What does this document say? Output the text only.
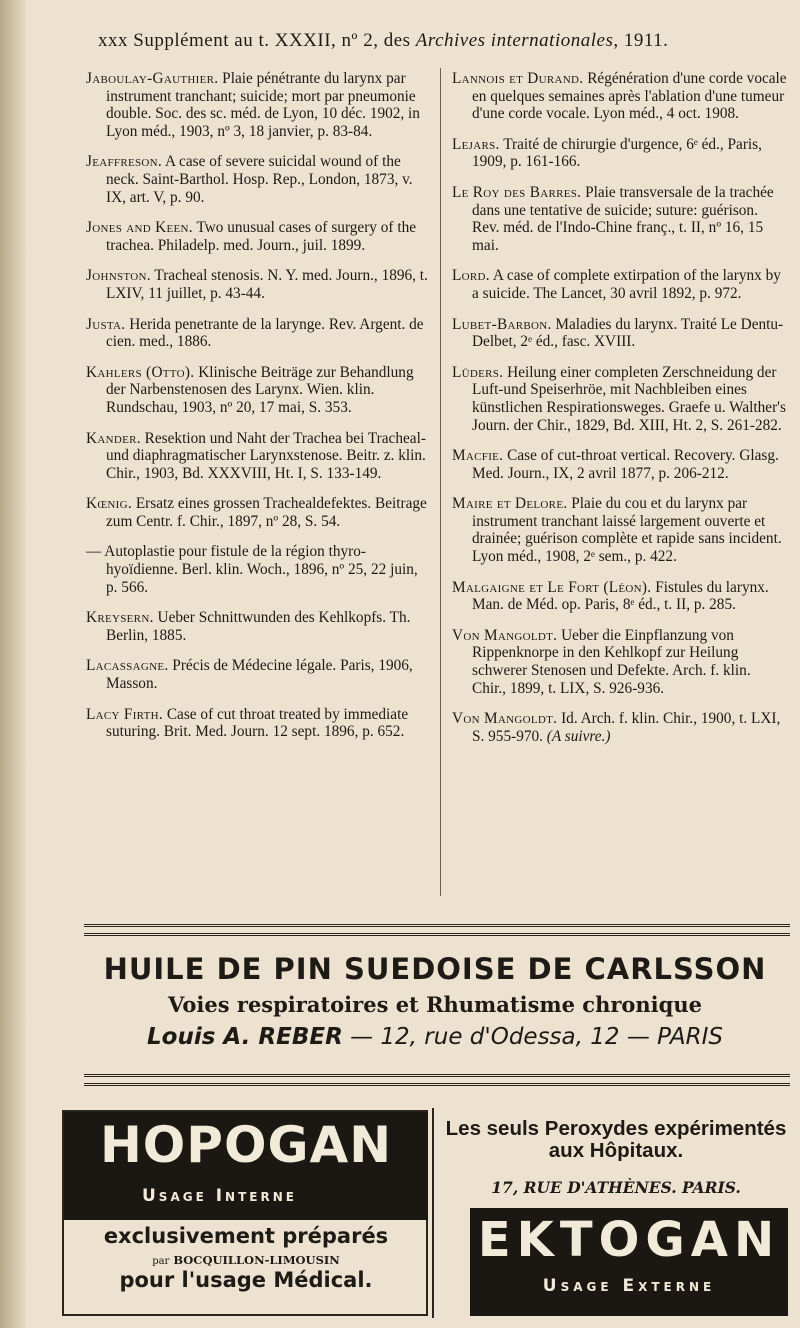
xxx Supplément au t. XXXII, nº 2, des Archives internationales, 1911.

Jaboulay-Gauthier. Plaie pénétrante du larynx par instrument tranchant; suicide; mort par pneumonie double. Soc. des sc. méd. de Lyon, 10 déc. 1902, in Lyon méd., 1903, nº 3, 18 janvier, p. 83-84.

Jeaffreson. A case of severe suicidal wound of the neck. Saint-Barthol. Hosp. Rep., London, 1873, v. IX, art. V, p. 90.

Jones and Keen. Two unusual cases of surgery of the trachea. Philadelp. med. Journ., juil. 1899.

Johnston. Tracheal stenosis. N. Y. med. Journ., 1896, t. LXIV, 11 juillet, p. 43-44.

Justa. Herida penetrante de la larynge. Rev. Argent. de cien. med., 1886.

Kahlers (Otto). Klinische Beiträge zur Behandlung der Narbenstenosen des Larynx. Wien. klin. Rundschau, 1903, nº 20, 17 mai, S. 353.

Kander. Resektion und Naht der Trachea bei Tracheal-und diaphragmatischer Larynxstenose. Beitr. z. klin. Chir., 1903, Bd. XXXVIII, Ht. I, S. 133-149.

Kœnig. Ersatz eines grossen Trachealdefektes. Beitrage zum Centr. f. Chir., 1897, nº 28, S. 54.

— Autoplastie pour fistule de la région thyro-hyoïdienne. Berl. klin. Woch., 1896, nº 25, 22 juin, p. 566.

Kreysern. Ueber Schnittwunden des Kehlkopfs. Th. Berlin, 1885.

Lacassagne. Précis de Médecine légale. Paris, 1906, Masson.

Lacy Firth. Case of cut throat treated by immediate suturing. Brit. Med. Journ. 12 sept. 1896, p. 652.

Lannois et Durand. Régénération d'une corde vocale en quelques semaines après l'ablation d'une tumeur d'une corde vocale. Lyon méd., 4 oct. 1908.

Lejars. Traité de chirurgie d'urgence, 6ᵉ éd., Paris, 1909, p. 161-166.

Le Roy des Barres. Plaie transversale de la trachée dans une tentative de suicide; suture: guérison. Rev. méd. de l'Indo-Chine franç., t. II, nº 16, 15 mai.

Lord. A case of complete extirpation of the larynx by a suicide. The Lancet, 30 avril 1892, p. 972.

Lubet-Barbon. Maladies du larynx. Traité Le Dentu-Delbet, 2ᵉ éd., fasc. XVIII.

Lüders. Heilung einer completen Zerschneidung der Luft-und Speiserhröe, mit Nachbleiben eines künstlichen Respirationsweges. Graefe u. Walther's Journ. der Chir., 1829, Bd. XIII, Ht. 2, S. 261-282.

Macfie. Case of cut-throat vertical. Recovery. Glasg. Med. Journ., IX, 2 avril 1877, p. 206-212.

Maire et Delore. Plaie du cou et du larynx par instrument tranchant laissé largement ouverte et drainée; guérison complète et rapide sans incident. Lyon méd., 1908, 2ᵉ sem., p. 422.

Malgaigne et Le Fort (Léon). Fistules du larynx. Man. de Méd. op. Paris, 8ᵉ éd., t. II, p. 285.

Von Mangoldt. Ueber die Einpflanzung von Rippenknorpe in den Kehlkopf zur Heilung schwerer Stenosen und Defekte. Arch. f. klin. Chir., 1899, t. LIX, S. 926-936.

Von Mangoldt. Id. Arch. f. klin. Chir., 1900, t. LXI, S. 955-970. (A suivre.)

HUILE DE PIN SUEDOISE DE CARLSSON
Voies respiratoires et Rhumatisme chronique
Louis A. REBER — 12, rue d'Odessa, 12 — PARIS
HOPOGAN
Usage Interne
exclusivement préparés
par BOCQUILLON-LIMOUSIN
pour l'usage Médical.
Les seuls Peroxydes expérimentés aux Hôpitaux.
17, RUE D'ATHÈNES. PARIS.
EKTOGAN
Usage Externe
